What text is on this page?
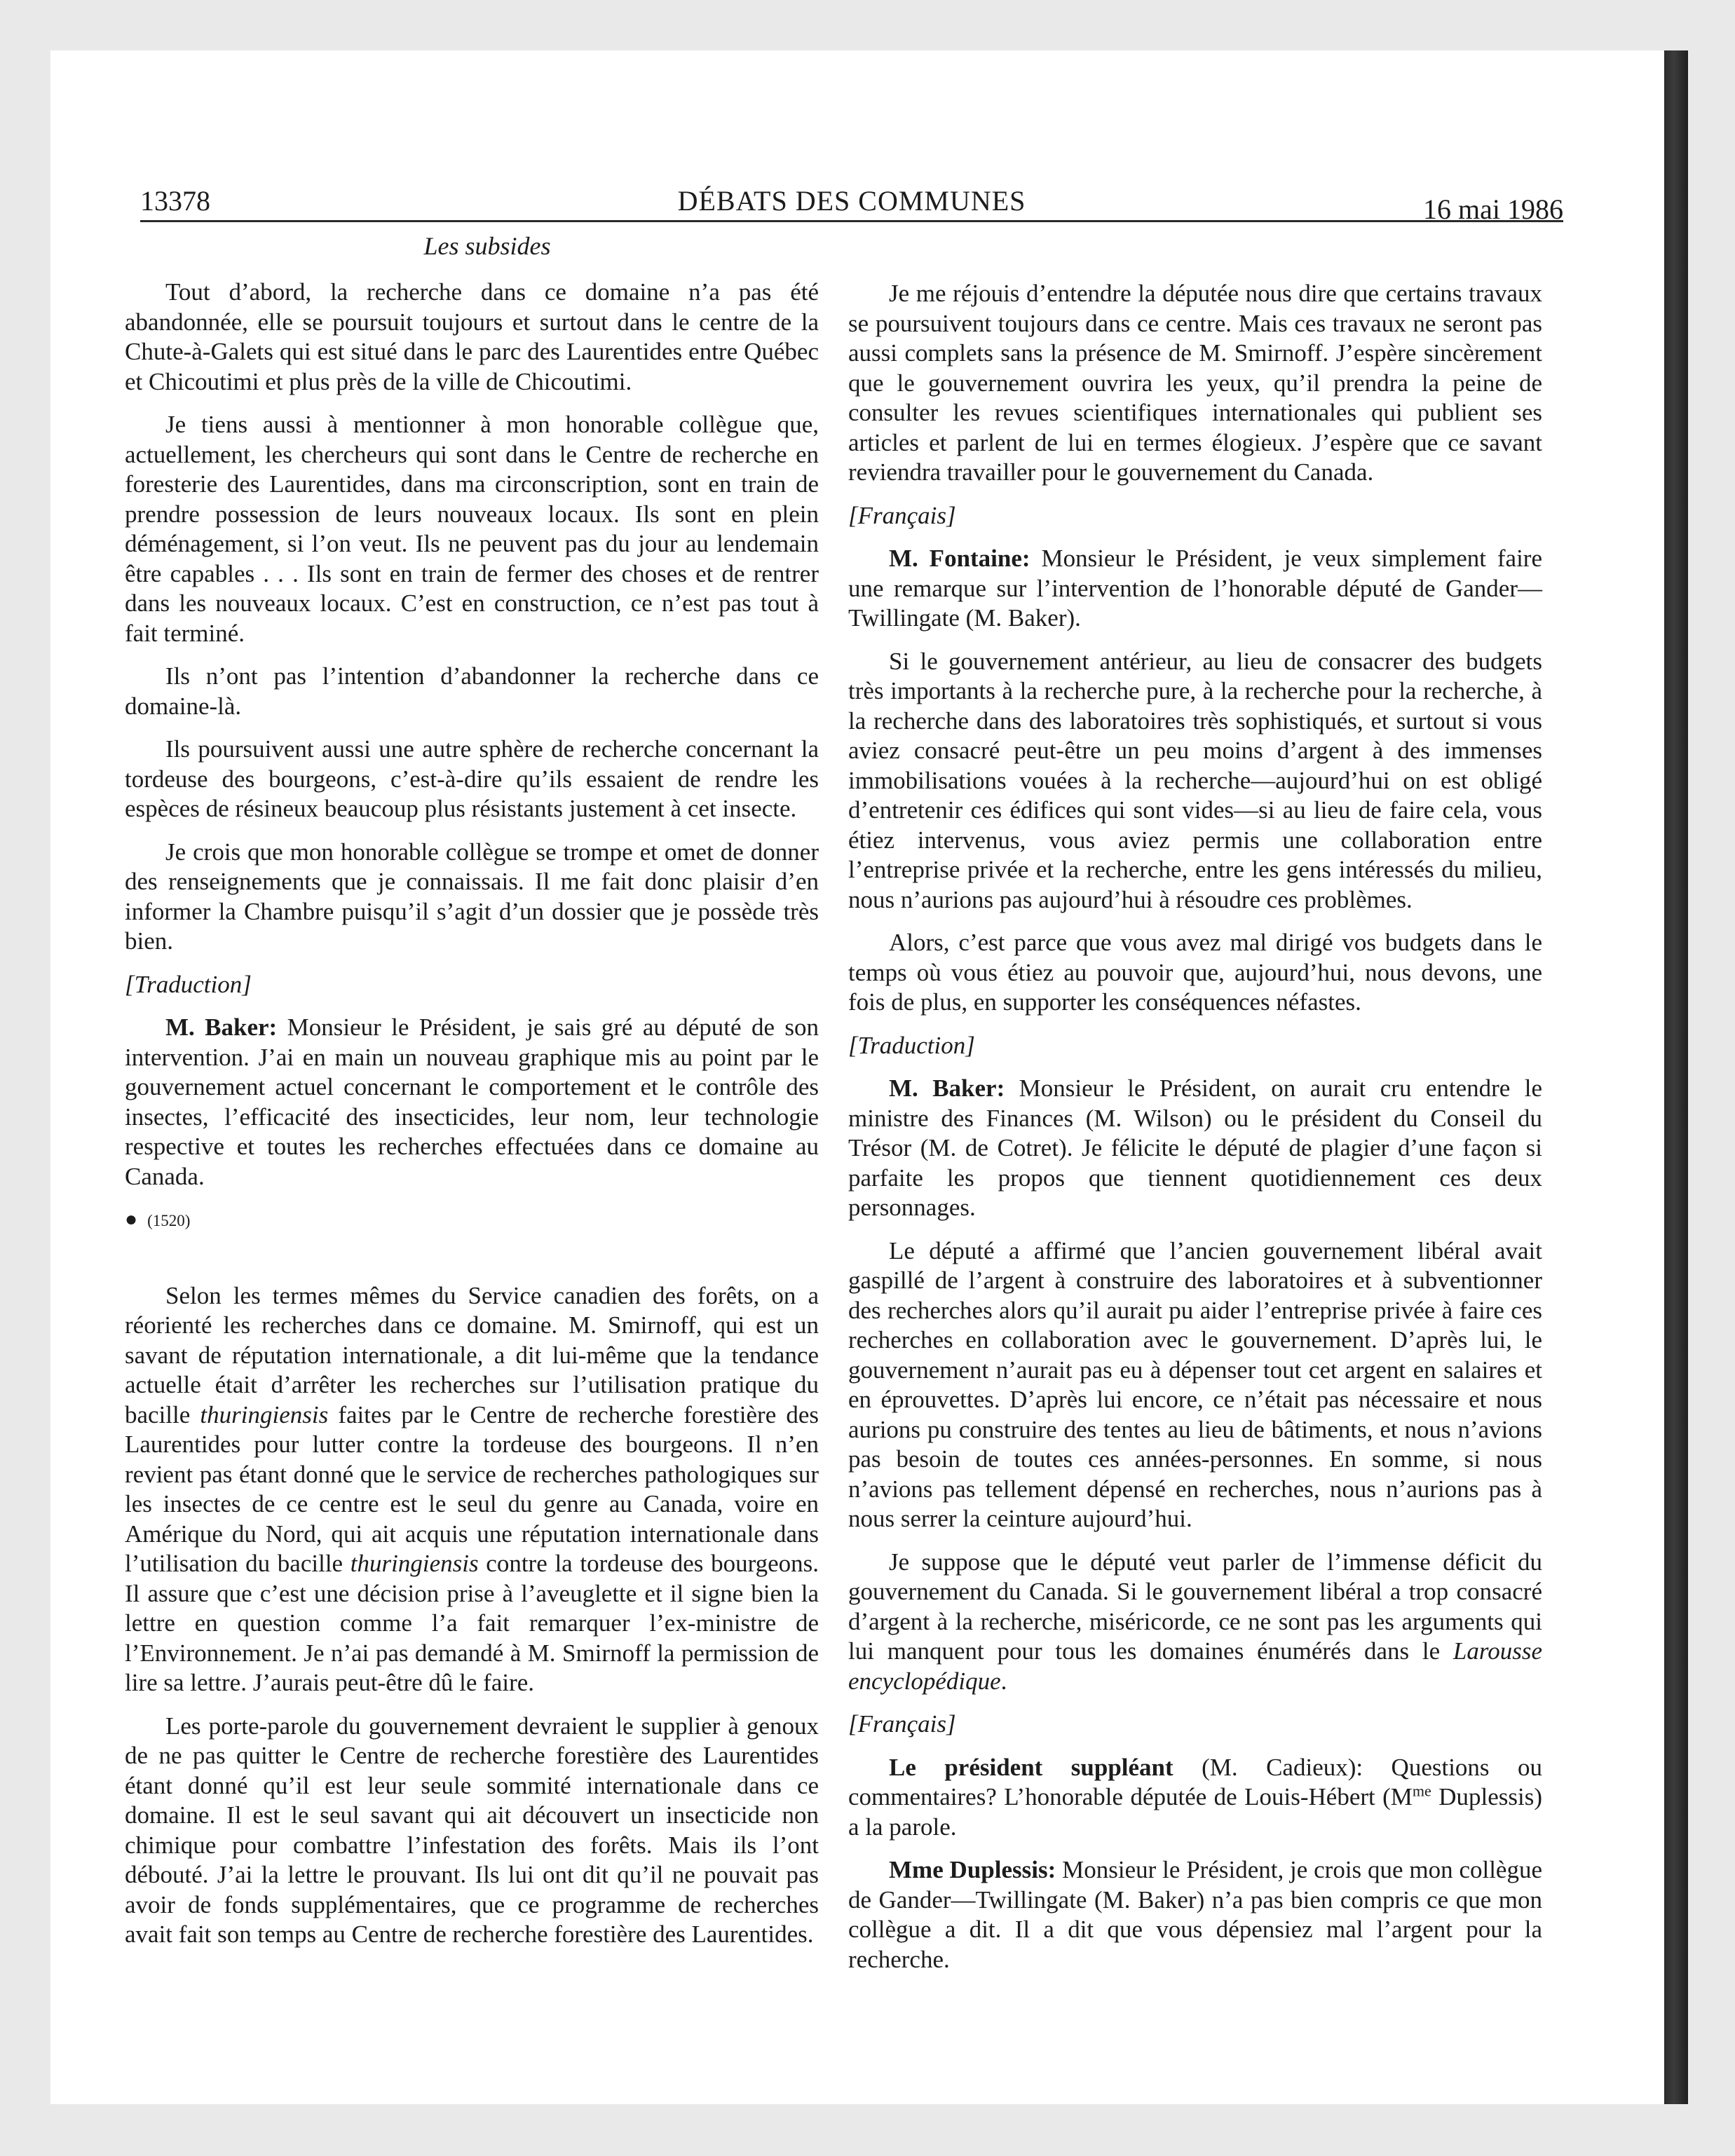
13378	DÉBATS DES COMMUNES	16 mai 1986
Les subsides

Tout d’abord, la recherche dans ce domaine n’a pas été abandonnée, elle se poursuit toujours et surtout dans le centre de la Chute-à-Galets qui est situé dans le parc des Laurentides entre Québec et Chicoutimi et plus près de la ville de Chicoutimi.

Je tiens aussi à mentionner à mon honorable collègue que, actuellement, les chercheurs qui sont dans le Centre de recherche en foresterie des Laurentides, dans ma circonscription, sont en train de prendre possession de leurs nouveaux locaux. Ils sont en plein déménagement, si l’on veut. Ils ne peuvent pas du jour au lendemain être capables . . . Ils sont en train de fermer des choses et de rentrer dans les nouveaux locaux. C’est en construction, ce n’est pas tout à fait terminé.

Ils n’ont pas l’intention d’abandonner la recherche dans ce domaine-là.

Ils poursuivent aussi une autre sphère de recherche concernant la tordeuse des bourgeons, c’est-à-dire qu’ils essaient de rendre les espèces de résineux beaucoup plus résistants justement à cet insecte.

Je crois que mon honorable collègue se trompe et omet de donner des renseignements que je connaissais. Il me fait donc plaisir d’en informer la Chambre puisqu’il s’agit d’un dossier que je possède très bien.

[Traduction]

M. Baker: Monsieur le Président, je sais gré au député de son intervention. J’ai en main un nouveau graphique mis au point par le gouvernement actuel concernant le comportement et le contrôle des insectes, l’efficacité des insecticides, leur nom, leur technologie respective et toutes les recherches effectuées dans ce domaine au Canada.

● (1520)

Selon les termes mêmes du Service canadien des forêts, on a réorienté les recherches dans ce domaine. M. Smirnoff, qui est un savant de réputation internationale, a dit lui-même que la tendance actuelle était d’arrêter les recherches sur l’utilisation pratique du bacille thuringiensis faites par le Centre de recherche forestière des Laurentides pour lutter contre la tordeuse des bourgeons. Il n’en revient pas étant donné que le service de recherches pathologiques sur les insectes de ce centre est le seul du genre au Canada, voire en Amérique du Nord, qui ait acquis une réputation internationale dans l’utilisation du bacille thuringiensis contre la tordeuse des bourgeons. Il assure que c’est une décision prise à l’aveuglette et il signe bien la lettre en question comme l’a fait remarquer l’ex-ministre de l’Environnement. Je n’ai pas demandé à M. Smirnoff la permission de lire sa lettre. J’aurais peut-être dû le faire.

Les porte-parole du gouvernement devraient le supplier à genoux de ne pas quitter le Centre de recherche forestière des Laurentides étant donné qu’il est leur seule sommité internationale dans ce domaine. Il est le seul savant qui ait découvert un insecticide non chimique pour combattre l’infestation des forêts. Mais ils l’ont débouté. J’ai la lettre le prouvant. Ils lui ont dit qu’il ne pouvait pas avoir de fonds supplémentaires, que ce programme de recherches avait fait son temps au Centre de recherche forestière des Laurentides.

Je me réjouis d’entendre la députée nous dire que certains travaux se poursuivent toujours dans ce centre. Mais ces travaux ne seront pas aussi complets sans la présence de M. Smirnoff. J’espère sincèrement que le gouvernement ouvrira les yeux, qu’il prendra la peine de consulter les revues scientifiques internationales qui publient ses articles et parlent de lui en termes élogieux. J’espère que ce savant reviendra travailler pour le gouvernement du Canada.

[Français]

M. Fontaine: Monsieur le Président, je veux simplement faire une remarque sur l’intervention de l’honorable député de Gander—Twillingate (M. Baker).

Si le gouvernement antérieur, au lieu de consacrer des budgets très importants à la recherche pure, à la recherche pour la recherche, à la recherche dans des laboratoires très sophistiqués, et surtout si vous aviez consacré peut-être un peu moins d’argent à des immenses immobilisations vouées à la recherche—aujourd’hui on est obligé d’entretenir ces édifices qui sont vides—si au lieu de faire cela, vous étiez intervenus, vous aviez permis une collaboration entre l’entreprise privée et la recherche, entre les gens intéressés du milieu, nous n’aurions pas aujourd’hui à résoudre ces problèmes.

Alors, c’est parce que vous avez mal dirigé vos budgets dans le temps où vous étiez au pouvoir que, aujourd’hui, nous devons, une fois de plus, en supporter les conséquences néfastes.

[Traduction]

M. Baker: Monsieur le Président, on aurait cru entendre le ministre des Finances (M. Wilson) ou le président du Conseil du Trésor (M. de Cotret). Je félicite le député de plagier d’une façon si parfaite les propos que tiennent quotidiennement ces deux personnages.

Le député a affirmé que l’ancien gouvernement libéral avait gaspillé de l’argent à construire des laboratoires et à subventionner des recherches alors qu’il aurait pu aider l’entreprise privée à faire ces recherches en collaboration avec le gouvernement. D’après lui, le gouvernement n’aurait pas eu à dépenser tout cet argent en salaires et en éprouvettes. D’après lui encore, ce n’était pas nécessaire et nous aurions pu construire des tentes au lieu de bâtiments, et nous n’avions pas besoin de toutes ces années-personnes. En somme, si nous n’avions pas tellement dépensé en recherches, nous n’aurions pas à nous serrer la ceinture aujourd’hui.

Je suppose que le député veut parler de l’immense déficit du gouvernement du Canada. Si le gouvernement libéral a trop consacré d’argent à la recherche, miséricorde, ce ne sont pas les arguments qui lui manquent pour tous les domaines énumérés dans le Larousse encyclopédique.

[Français]

Le président suppléant (M. Cadieux): Questions ou commentaires? L’honorable députée de Louis-Hébert ($M^{me}$ Duplessis) a la parole.

Mme Duplessis: Monsieur le Président, je crois que mon collègue de Gander—Twillingate (M. Baker) n’a pas bien compris ce que mon collègue a dit. Il a dit que vous dépensiez mal l’argent pour la recherche.
